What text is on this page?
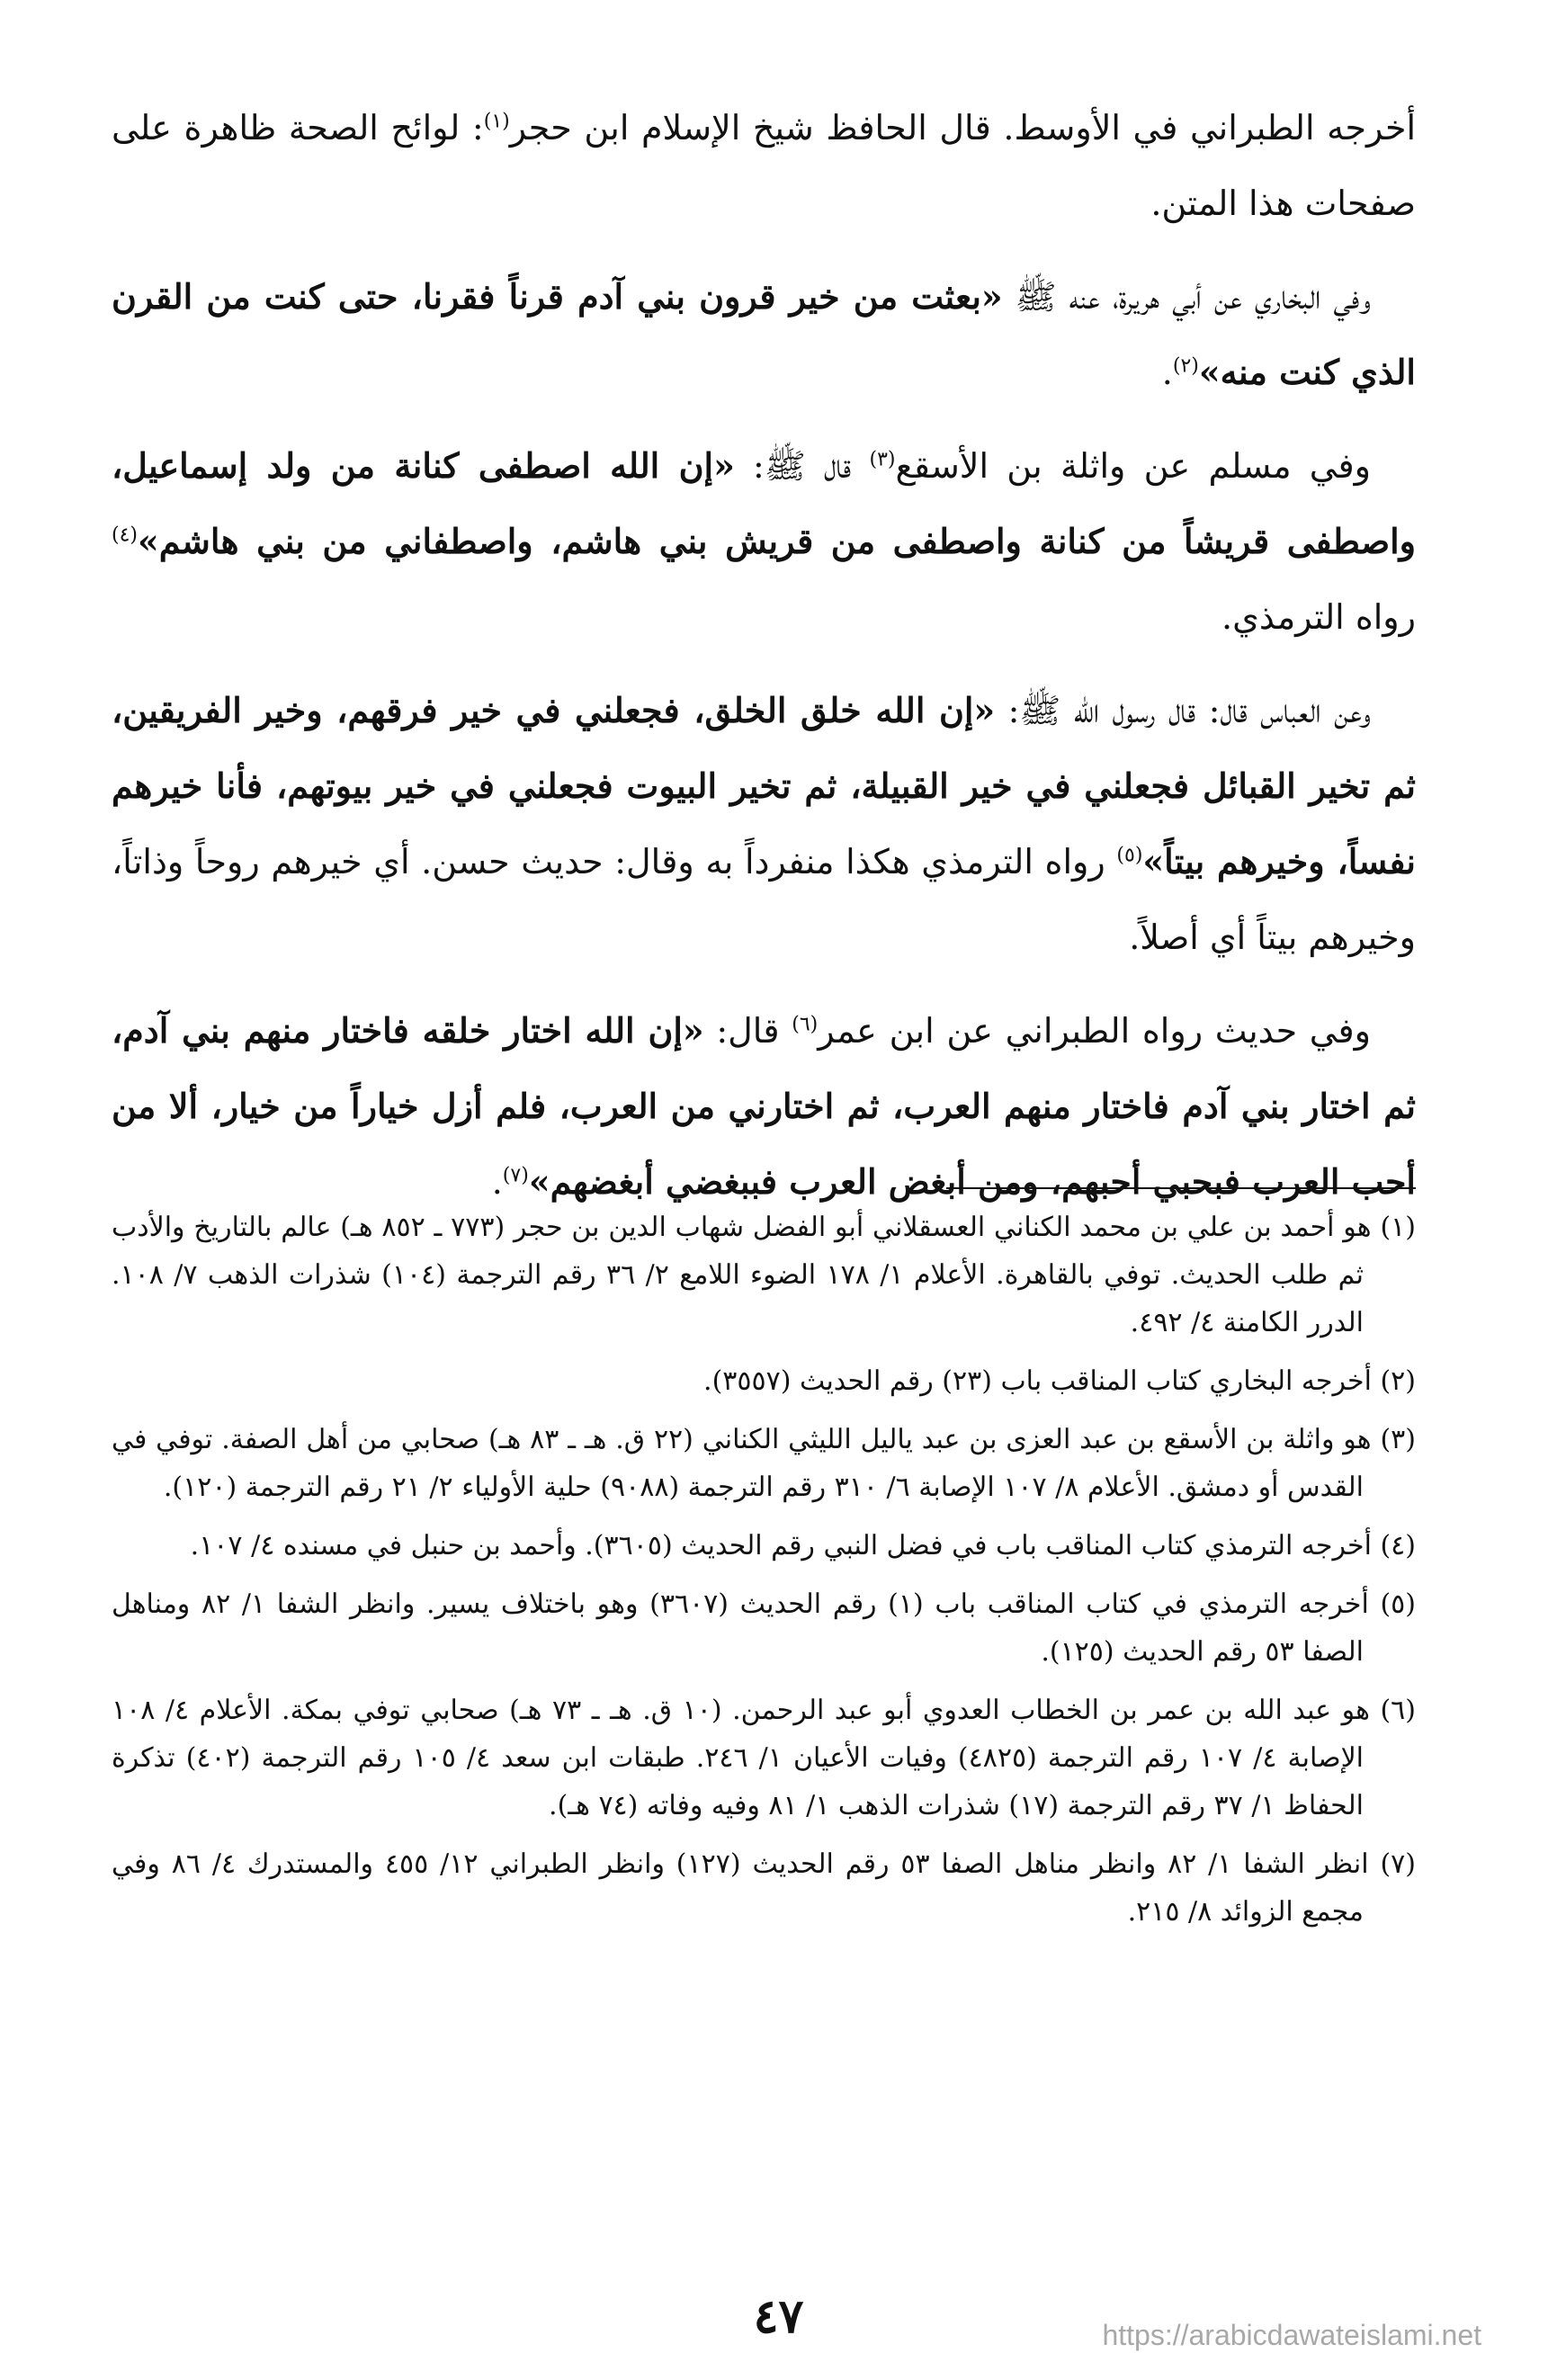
أخرجه الطبراني في الأوسط. قال الحافظ شيخ الإسلام ابن حجر$^{(١)}$: لوائح الصحة ظاهرة على صفحات هذا المتن.

وفي البخاري عن أبي هريرة، عنه ﷺ «بعثت من خير قرون بني آدم قرناً فقرنا، حتى كنت من القرن الذي كنت منه»$^{(٢)}$.

وفي مسلم عن واثلة بن الأسقع$^{(٣)}$ قال ﷺ: «إن الله اصطفى كنانة من ولد إسماعيل، واصطفى قريشاً من كنانة واصطفى من قريش بني هاشم، واصطفاني من بني هاشم»$^{(٤)}$ رواه الترمذي.

وعن العباس قال: قال رسول الله ﷺ: «إن الله خلق الخلق، فجعلني في خير فرقهم، وخير الفريقين، ثم تخير القبائل فجعلني في خير القبيلة، ثم تخير البيوت فجعلني في خير بيوتهم، فأنا خيرهم نفساً، وخيرهم بيتاً»$^{(٥)}$ رواه الترمذي هكذا منفرداً به وقال: حديث حسن. أي خيرهم روحاً وذاتاً، وخيرهم بيتاً أي أصلاً.

وفي حديث رواه الطبراني عن ابن عمر$^{(٦)}$ قال: «إن الله اختار خلقه فاختار منهم بني آدم، ثم اختار بني آدم فاختار منهم العرب، ثم اختارني من العرب، فلم أزل خياراً من خيار، ألا من أحب العرب فبحبي أحبهم، ومن أبغض العرب فببغضي أبغضهم»$^{(٧)}$.

(١) هو أحمد بن علي بن محمد الكناني العسقلاني أبو الفضل شهاب الدين بن حجر (٧٧٣ ـ ٨٥٢ هـ) عالم بالتاريخ والأدب ثم طلب الحديث. توفي بالقاهرة. الأعلام ١/ ١٧٨ الضوء اللامع ٢/ ٣٦ رقم الترجمة (١٠٤) شذرات الذهب ٧/ ١٠٨. الدرر الكامنة ٤/ ٤٩٢.

(٢) أخرجه البخاري كتاب المناقب باب (٢٣) رقم الحديث (٣٥٥٧).

(٣) هو واثلة بن الأسقع بن عبد العزى بن عبد ياليل الليثي الكناني (٢٢ ق. هـ ـ ٨٣ هـ) صحابي من أهل الصفة. توفي في القدس أو دمشق. الأعلام ٨/ ١٠٧ الإصابة ٦/ ٣١٠ رقم الترجمة (٩٠٨٨) حلية الأولياء ٢/ ٢١ رقم الترجمة (١٢٠).

(٤) أخرجه الترمذي كتاب المناقب باب في فضل النبي رقم الحديث (٣٦٠٥). وأحمد بن حنبل في مسنده ٤/ ١٠٧.

(٥) أخرجه الترمذي في كتاب المناقب باب (١) رقم الحديث (٣٦٠٧) وهو باختلاف يسير. وانظر الشفا ١/ ٨٢ ومناهل الصفا ٥٣ رقم الحديث (١٢٥).

(٦) هو عبد الله بن عمر بن الخطاب العدوي أبو عبد الرحمن. (١٠ ق. هـ ـ ٧٣ هـ) صحابي توفي بمكة. الأعلام ٤/ ١٠٨ الإصابة ٤/ ١٠٧ رقم الترجمة (٤٨٢٥) وفيات الأعيان ١/ ٢٤٦. طبقات ابن سعد ٤/ ١٠٥ رقم الترجمة (٤٠٢) تذكرة الحفاظ ١/ ٣٧ رقم الترجمة (١٧) شذرات الذهب ١/ ٨١ وفيه وفاته (٧٤ هـ).

(٧) انظر الشفا ١/ ٨٢ وانظر مناهل الصفا ٥٣ رقم الحديث (١٢٧) وانظر الطبراني ١٢/ ٤٥٥ والمستدرك ٤/ ٨٦ وفي مجمع الزوائد ٨/ ٢١٥.

٤٧	https://arabicdawateislami.net
